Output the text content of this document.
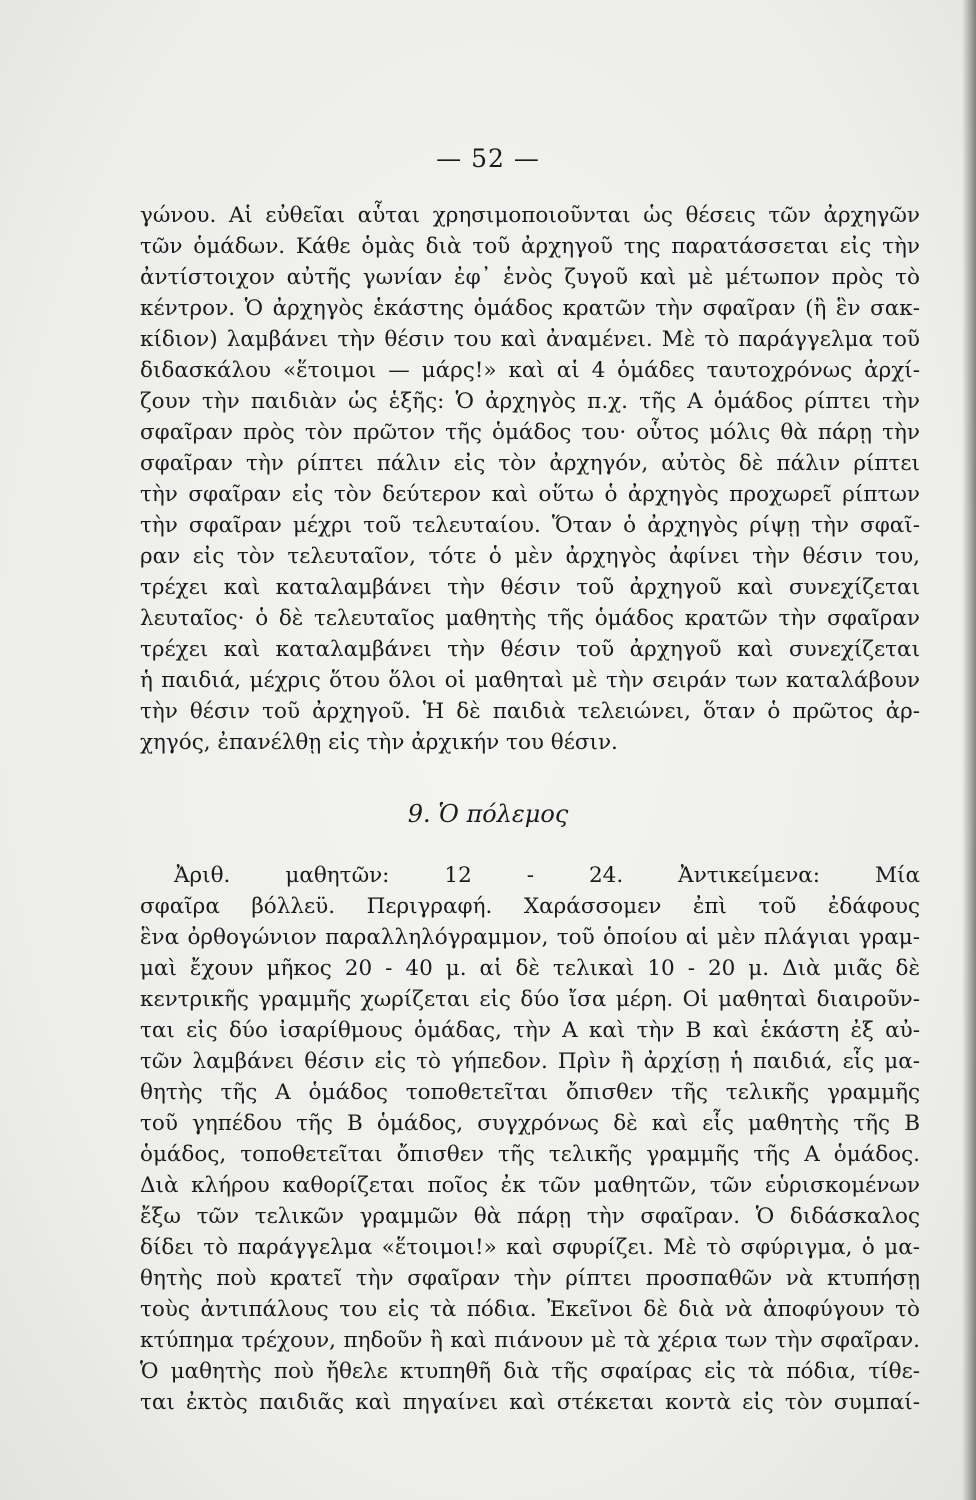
— 52 —
γώνου. Αἱ εὐθεῖαι αὗται χρησιμοποιοῦνται ὡς θέσεις τῶν ἀρχηγῶν
τῶν ὁμάδων. Κάθε ὁμὰς διὰ τοῦ ἀρχηγοῦ της παρατάσσεται εἰς τὴν
ἀντίστοιχον αὐτῆς γωνίαν ἐφ᾽ ἑνὸς ζυγοῦ καὶ μὲ μέτωπον πρὸς τὸ
κέντρον. Ὁ ἀρχηγὸς ἑκάστης ὁμάδος κρατῶν τὴν σφαῖραν (ἢ ἓν σακ-
κίδιον) λαμβάνει τὴν θέσιν του καὶ ἀναμένει. Μὲ τὸ παράγγελμα τοῦ
διδασκάλου «ἕτοιμοι — μάρς!» καὶ αἱ 4 ὁμάδες ταυτοχρόνως ἀρχί-
ζουν τὴν παιδιὰν ὡς ἑξῆς: Ὁ ἀρχηγὸς π.χ. τῆς Α ὁμάδος ρίπτει τὴν
σφαῖραν πρὸς τὸν πρῶτον τῆς ὁμάδος του· οὗτος μόλις θὰ πάρῃ τὴν
σφαῖραν τὴν ρίπτει πάλιν εἰς τὸν ἀρχηγόν, αὐτὸς δὲ πάλιν ρίπτει
τὴν σφαῖραν εἰς τὸν δεύτερον καὶ οὕτω ὁ ἀρχηγὸς προχωρεῖ ρίπτων
τὴν σφαῖραν μέχρι τοῦ τελευταίου. Ὅταν ὁ ἀρχηγὸς ρίψῃ τὴν σφαῖ-
ραν εἰς τὸν τελευταῖον, τότε ὁ μὲν ἀρχηγὸς ἀφίνει τὴν θέσιν του,
τρέχει καὶ καταλαμβάνει τὴν θέσιν τοῦ ἀρχηγοῦ καὶ συνεχίζεται
λευταῖος· ὁ δὲ τελευταῖος μαθητὴς τῆς ὁμάδος κρατῶν τὴν σφαῖραν
τρέχει καὶ καταλαμβάνει τὴν θέσιν τοῦ ἀρχηγοῦ καὶ συνεχίζεται
ἡ παιδιά, μέχρις ὅτου ὅλοι οἱ μαθηταὶ μὲ τὴν σειράν των καταλάβουν
τὴν θέσιν τοῦ ἀρχηγοῦ. Ἡ δὲ παιδιὰ τελειώνει, ὅταν ὁ πρῶτος ἀρ-
χηγός, ἐπανέλθῃ εἰς τὴν ἀρχικήν του θέσιν.
9. Ὁ πόλεμος
Ἀριθ. μαθητῶν: 12 - 24. Ἀντικείμενα: Μία
σφαῖρα βόλλεϋ. Περιγραφή. Χαράσσομεν ἐπὶ τοῦ ἐδάφους
ἓνα ὀρθογώνιον παραλληλόγραμμον, τοῦ ὁποίου αἱ μὲν πλάγιαι γραμ-
μαὶ ἔχουν μῆκος 20 - 40 μ. αἱ δὲ τελικαὶ 10 - 20 μ. Διὰ μιᾶς δὲ
κεντρικῆς γραμμῆς χωρίζεται εἰς δύο ἴσα μέρη. Οἱ μαθηταὶ διαιροῦν-
ται εἰς δύο ἰσαρίθμους ὁμάδας, τὴν Α καὶ τὴν Β καὶ ἑκάστη ἐξ αὐ-
τῶν λαμβάνει θέσιν εἰς τὸ γήπεδον. Πρὶν ἢ ἀρχίσῃ ἡ παιδιά, εἷς μα-
θητὴς τῆς Α ὁμάδος τοποθετεῖται ὄπισθεν τῆς τελικῆς γραμμῆς
τοῦ γηπέδου τῆς Β ὁμάδος, συγχρόνως δὲ καὶ εἷς μαθητὴς τῆς Β
ὁμάδος, τοποθετεῖται ὄπισθεν τῆς τελικῆς γραμμῆς τῆς Α ὁμάδος.
Διὰ κλήρου καθορίζεται ποῖος ἐκ τῶν μαθητῶν, τῶν εὑρισκομένων
ἔξω τῶν τελικῶν γραμμῶν θὰ πάρῃ τὴν σφαῖραν. Ὁ διδάσκαλος
δίδει τὸ παράγγελμα «ἕτοιμοι!» καὶ σφυρίζει. Μὲ τὸ σφύριγμα, ὁ μα-
θητὴς ποὺ κρατεῖ τὴν σφαῖραν τὴν ρίπτει προσπαθῶν νὰ κτυπήσῃ
τοὺς ἀντιπάλους του εἰς τὰ πόδια. Ἐκεῖνοι δὲ διὰ νὰ ἀποφύγουν τὸ
κτύπημα τρέχουν, πηδοῦν ἢ καὶ πιάνουν μὲ τὰ χέρια των τὴν σφαῖραν.
Ὁ μαθητὴς ποὺ ἤθελε κτυπηθῆ διὰ τῆς σφαίρας εἰς τὰ πόδια, τίθε-
ται ἐκτὸς παιδιᾶς καὶ πηγαίνει καὶ στέκεται κοντὰ εἰς τὸν συμπαί-
